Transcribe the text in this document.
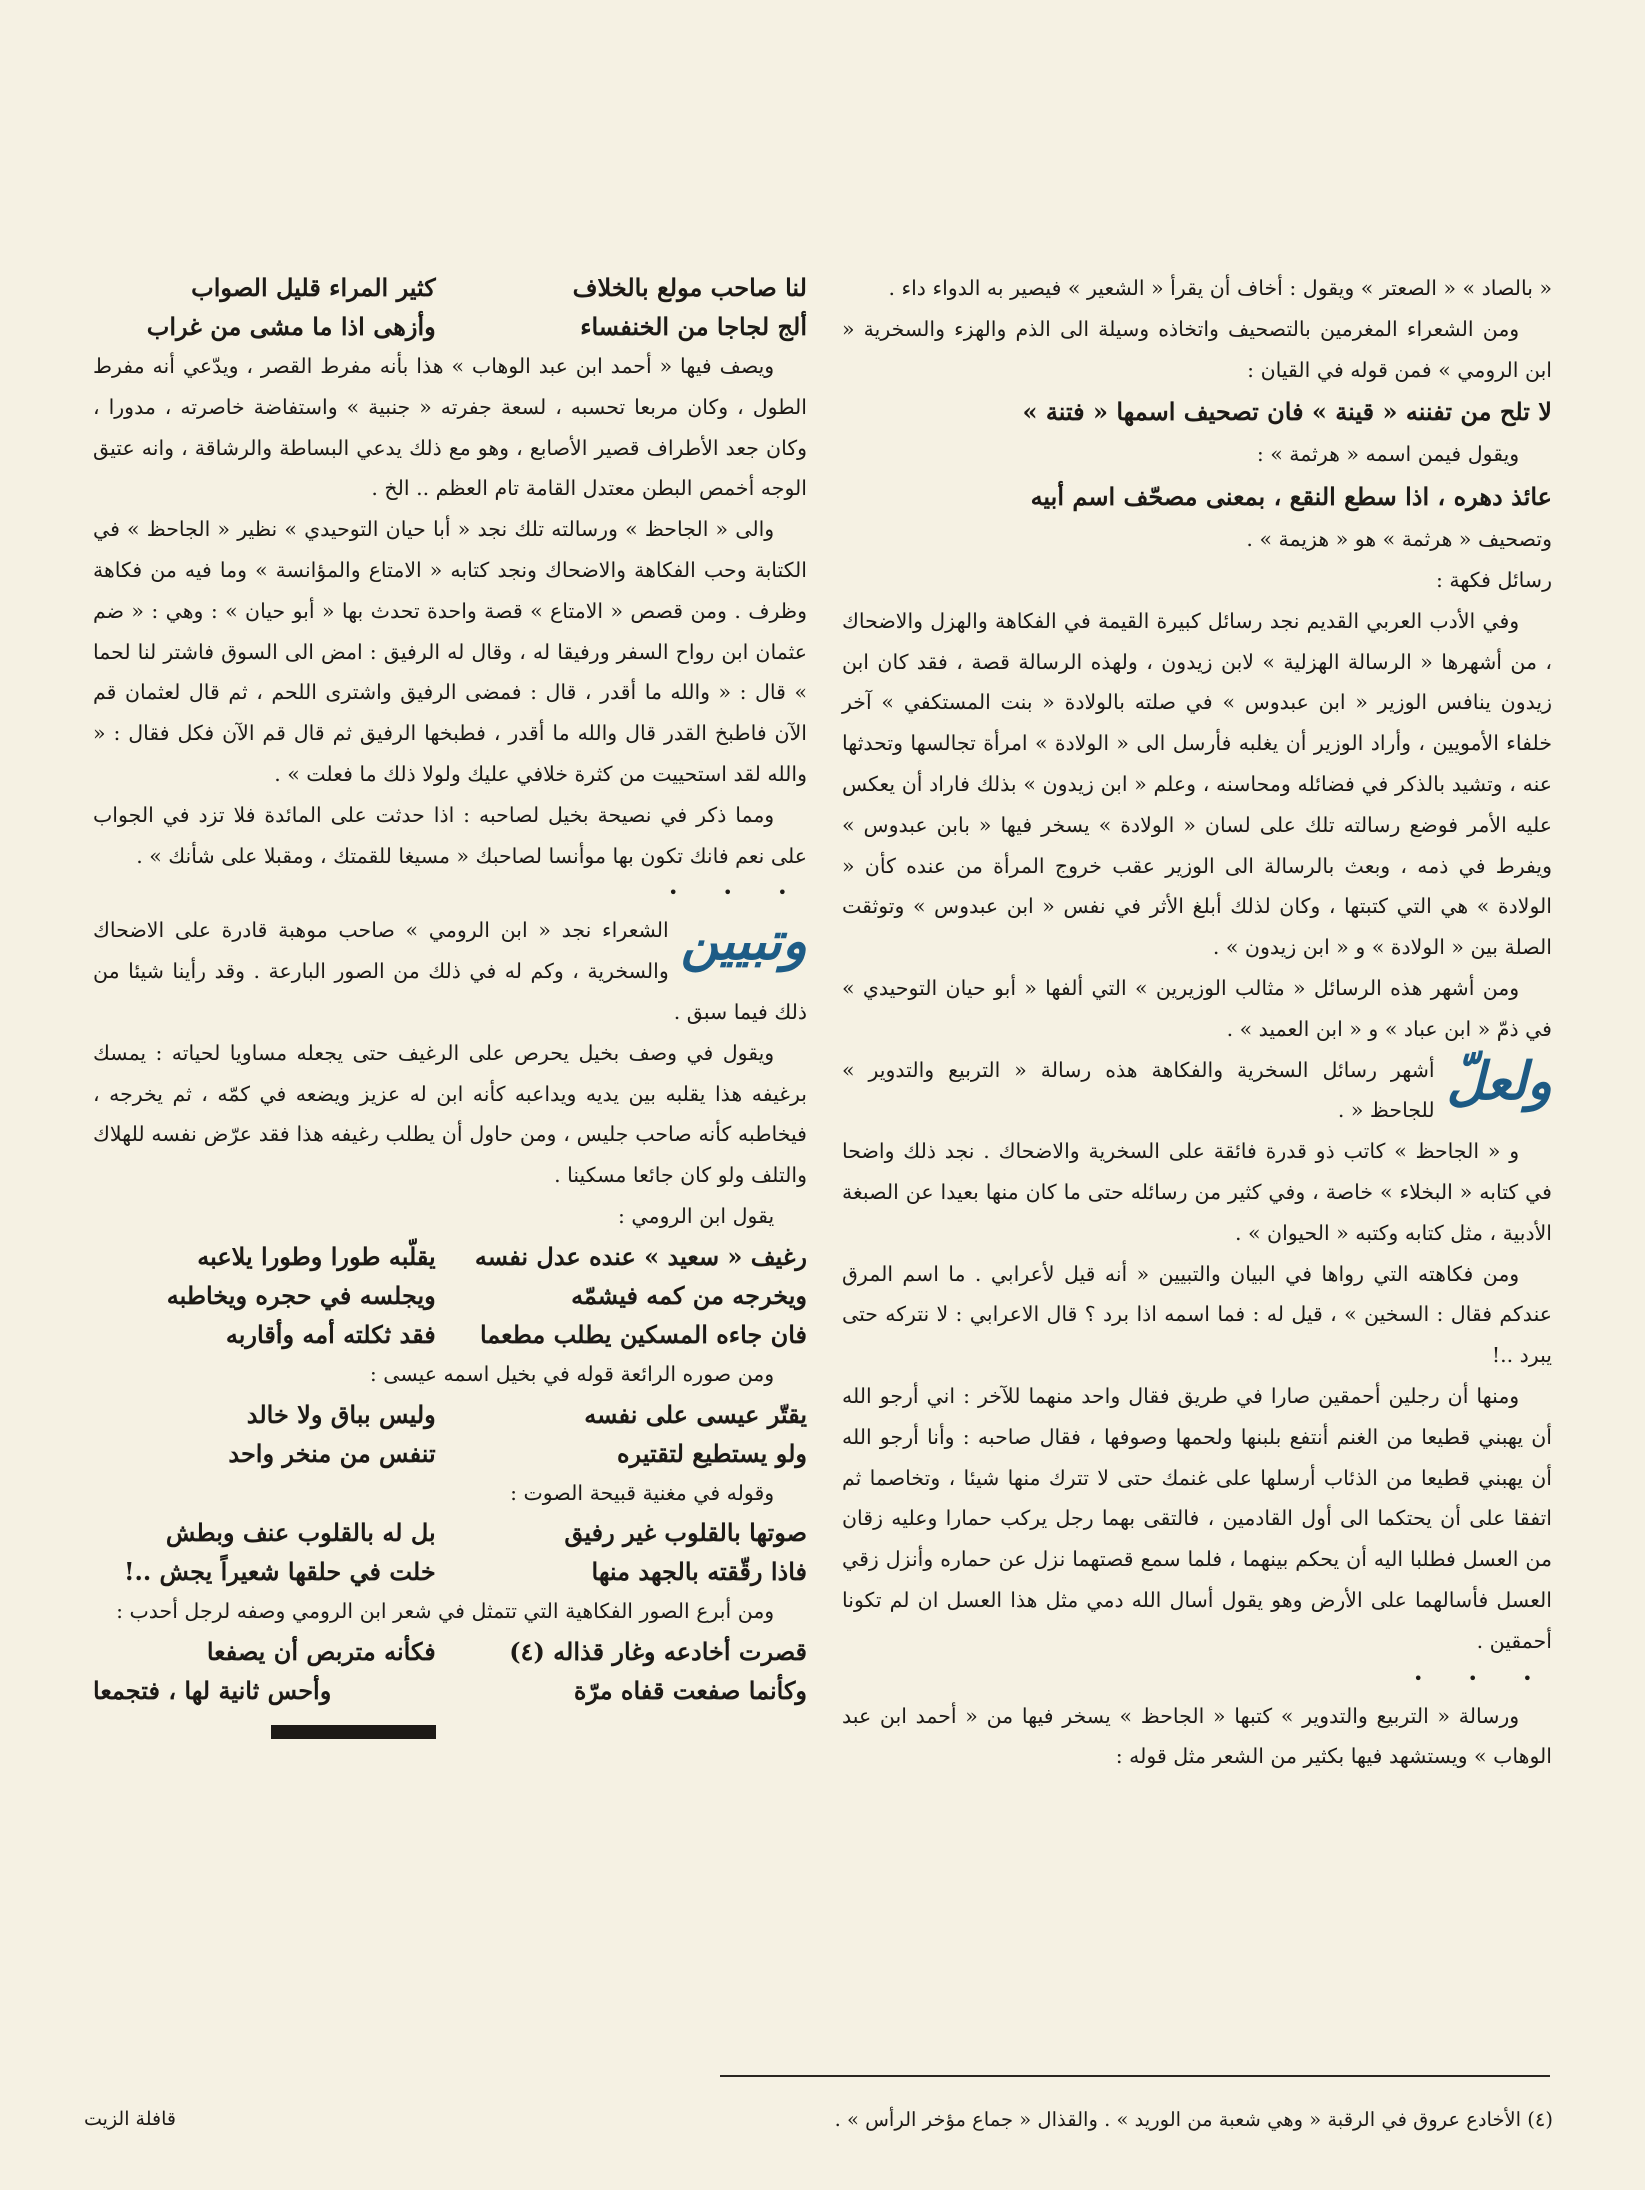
« بالصاد » « الصعتر » ويقول : أخاف أن يقرأ « الشعير » فيصير به الدواء داء .

ومن الشعراء المغرمين بالتصحيف واتخاذه وسيلة الى الذم والهزء والسخرية « ابن الرومي » فمن قوله في القيان :

لا تلح من تفننه « قينة » فان تصحيف اسمها « فتنة »

ويقول فيمن اسمه « هرثمة » :

عائذ دهره ، اذا سطع النقع ، بمعنى مصحّف اسم أبيه

وتصحيف « هرثمة » هو « هزيمة » .

رسائل فكهة :

وفي الأدب العربي القديم نجد رسائل كبيرة القيمة في الفكاهة والهزل والاضحاك ، من أشهرها « الرسالة الهزلية » لابن زيدون ، ولهذه الرسالة قصة ، فقد كان ابن زيدون ينافس الوزير « ابن عبدوس » في صلته بالولادة « بنت المستكفي » آخر خلفاء الأمويين ، وأراد الوزير أن يغلبه فأرسل الى « الولادة » امرأة تجالسها وتحدثها عنه ، وتشيد بالذكر في فضائله ومحاسنه ، وعلم « ابن زيدون » بذلك فاراد أن يعكس عليه الأمر فوضع رسالته تلك على لسان « الولادة » يسخر فيها « بابن عبدوس » ويفرط في ذمه ، وبعث بالرسالة الى الوزير عقب خروج المرأة من عنده كأن « الولادة » هي التي كتبتها ، وكان لذلك أبلغ الأثر في نفس « ابن عبدوس » وتوثقت الصلة بين « الولادة » و « ابن زيدون » .

ومن أشهر هذه الرسائل « مثالب الوزيرين » التي ألفها « أبو حيان التوحيدي » في ذمّ « ابن عباد » و « ابن العميد » .

ولعلّ
أشهر رسائل السخرية والفكاهة هذه رسالة « التربيع والتدوير » للجاحظ « .

و « الجاحظ » كاتب ذو قدرة فائقة على السخرية والاضحاك . نجد ذلك واضحا في كتابه « البخلاء » خاصة ، وفي كثير من رسائله حتى ما كان منها بعيدا عن الصبغة الأدبية ، مثل كتابه وكتبه « الحيوان » .

ومن فكاهته التي رواها في البيان والتبيين « أنه قيل لأعرابي . ما اسم المرق عندكم فقال : السخين » ، قيل له : فما اسمه اذا برد ؟ قال الاعرابي : لا نتركه حتى يبرد ..!

ومنها أن رجلين أحمقين صارا في طريق فقال واحد منهما للآخر : اني أرجو الله أن يهبني قطيعا من الغنم أنتفع بلبنها ولحمها وصوفها ، فقال صاحبه : وأنا أرجو الله أن يهبني قطيعا من الذئاب أرسلها على غنمك حتى لا تترك منها شيئا ، وتخاصما ثم اتفقا على أن يحتكما الى أول القادمين ، فالتقى بهما رجل يركب حمارا وعليه زقان من العسل فطلبا اليه أن يحكم بينهما ، فلما سمع قصتهما نزل عن حماره وأنزل زقي العسل فأسالهما على الأرض وهو يقول أسال الله دمي مثل هذا العسل ان لم تكونا أحمقين .

• • •

ورسالة « التربيع والتدوير » كتبها « الجاحظ » يسخر فيها من « أحمد ابن عبد الوهاب » ويستشهد فيها بكثير من الشعر مثل قوله :

لنا صاحب مولع بالخلاف
كثير المراء قليل الصواب
ألج لجاجا من الخنفساء
وأزهى اذا ما مشى من غراب

ويصف فيها « أحمد ابن عبد الوهاب » هذا بأنه مفرط القصر ، ويدّعي أنه مفرط الطول ، وكان مربعا تحسبه ، لسعة جفرته « جنبية » واستفاضة خاصرته ، مدورا ، وكان جعد الأطراف قصير الأصابع ، وهو مع ذلك يدعي البساطة والرشاقة ، وانه عتيق الوجه أخمص البطن معتدل القامة تام العظم .. الخ .

والى « الجاحظ » ورسالته تلك نجد « أبا حيان التوحيدي » نظير « الجاحظ » في الكتابة وحب الفكاهة والاضحاك ونجد كتابه « الامتاع والمؤانسة » وما فيه من فكاهة وظرف . ومن قصص « الامتاع » قصة واحدة تحدث بها « أبو حيان » : وهي : « ضم عثمان ابن رواح السفر ورفيقا له ، وقال له الرفيق : امض الى السوق فاشتر لنا لحما » قال : « والله ما أقدر ، قال : فمضى الرفيق واشترى اللحم ، ثم قال لعثمان قم الآن فاطبخ القدر قال والله ما أقدر ، فطبخها الرفيق ثم قال قم الآن فكل فقال : « والله لقد استحييت من كثرة خلافي عليك ولولا ذلك ما فعلت » .

ومما ذكر في نصيحة بخيل لصاحبه : اذا حدثت على المائدة فلا تزد في الجواب على نعم فانك تكون بها موأنسا لصاحبك « مسيغا للقمتك ، ومقبلا على شأنك » .

• • •

وتبيين
الشعراء نجد « ابن الرومي » صاحب موهبة قادرة على الاضحاك والسخرية ، وكم له في ذلك من الصور البارعة . وقد رأينا شيئا من ذلك فيما سبق .

ويقول في وصف بخيل يحرص على الرغيف حتى يجعله مساويا لحياته : يمسك برغيفه هذا يقلبه بين يديه ويداعبه كأنه ابن له عزيز ويضعه في كمّه ، ثم يخرجه ، فيخاطبه كأنه صاحب جليس ، ومن حاول أن يطلب رغيفه هذا فقد عرّض نفسه للهلاك والتلف ولو كان جائعا مسكينا .

يقول ابن الرومي :

رغيف « سعيد » عنده عدل نفسه
يقلّبه طورا وطورا يلاعبه
ويخرجه من كمه فيشمّه
ويجلسه في حجره ويخاطبه
فان جاءه المسكين يطلب مطعما
فقد ثكلته أمه وأقاربه

ومن صوره الرائعة قوله في بخيل اسمه عيسى :

يقتّر عيسى على نفسه
وليس بباق ولا خالد
ولو يستطيع لتقتيره
تنفس من منخر واحد

وقوله في مغنية قبيحة الصوت :

صوتها بالقلوب غير رفيق
بل له بالقلوب عنف وبطش
فاذا رقّقته بالجهد منها
خلت في حلقها شعيراً يجش ..!

ومن أبرع الصور الفكاهية التي تتمثل في شعر ابن الرومي وصفه لرجل أحدب :

قصرت أخادعه وغار قذاله (٤)
فكأنه متربص أن يصفعا
وكأنما صفعت قفاه مرّة
وأحس ثانية لها ، فتجمعا
(٤) الأخادع عروق في الرقبة « وهي شعبة من الوريد » . والقذال « جماع مؤخر الرأس » .
قافلة الزيت
